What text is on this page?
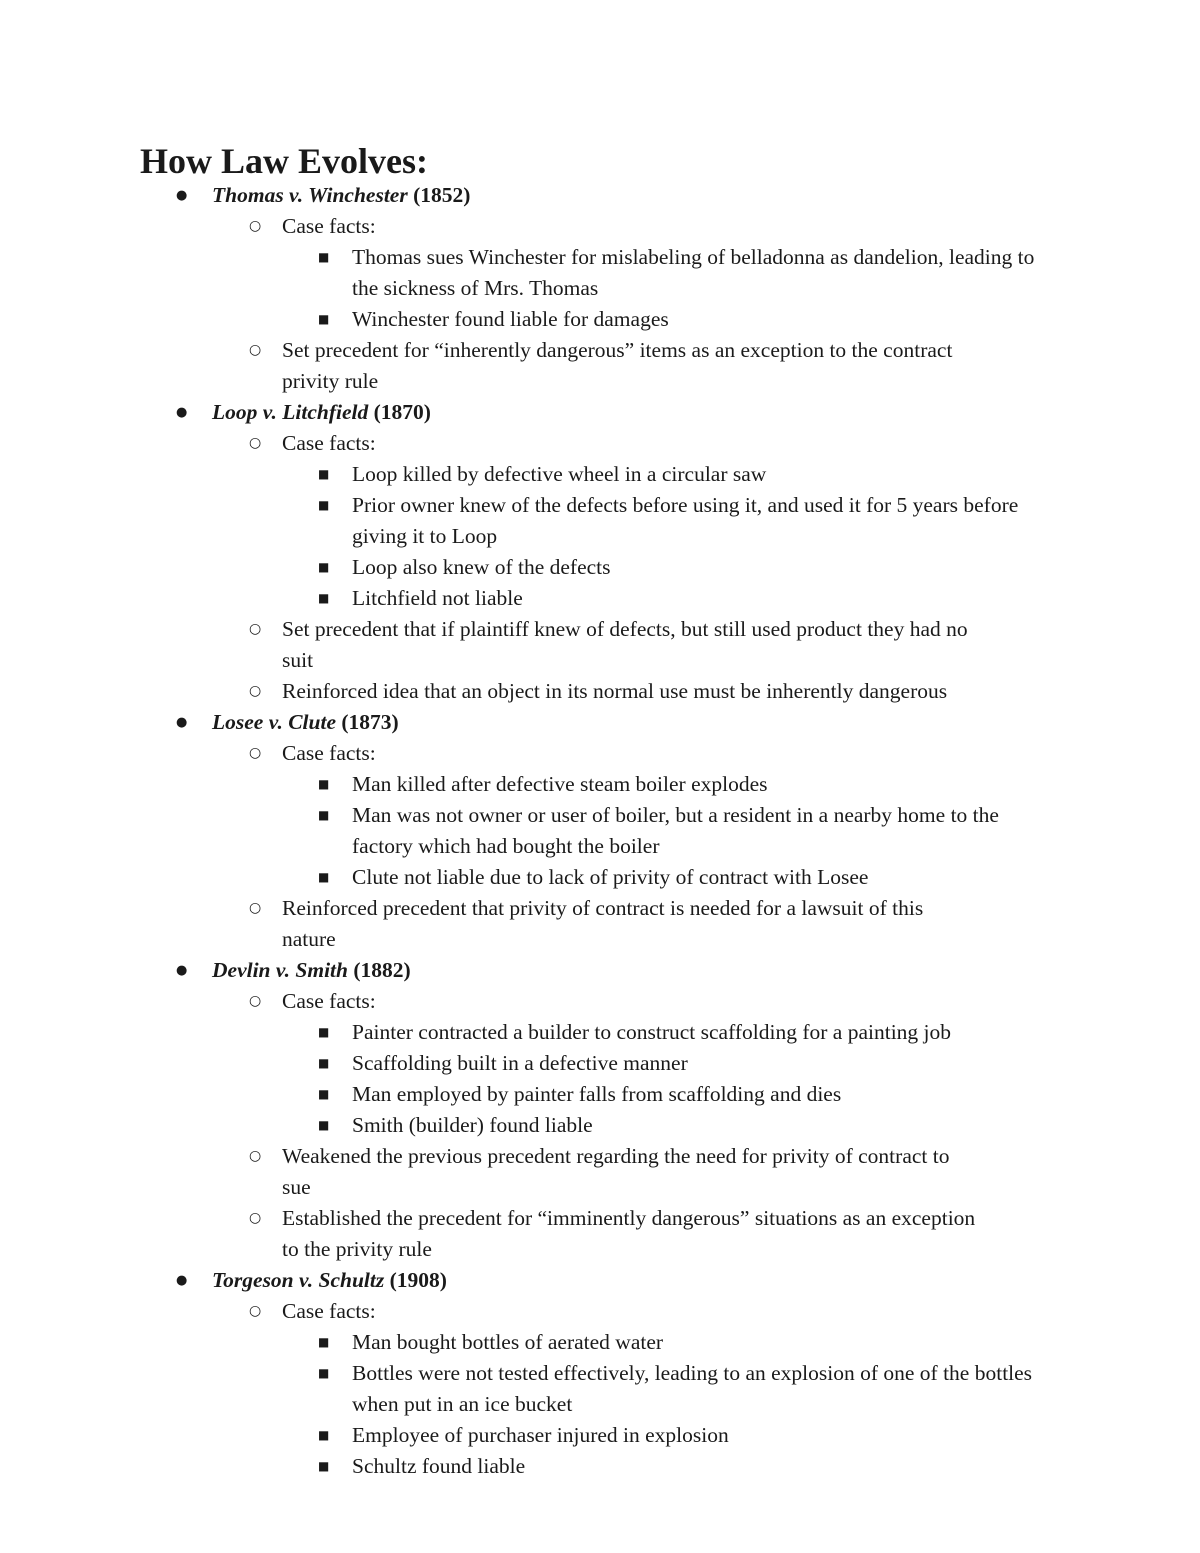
How Law Evolves:
● Thomas v. Winchester (1852)
○ Case facts:
■ Thomas sues Winchester for mislabeling of belladonna as dandelion, leading to the sickness of Mrs. Thomas
■ Winchester found liable for damages
○ Set precedent for “inherently dangerous” items as an exception to the contract privity rule
● Loop v. Litchfield (1870)
○ Case facts:
■ Loop killed by defective wheel in a circular saw
■ Prior owner knew of the defects before using it, and used it for 5 years before giving it to Loop
■ Loop also knew of the defects
■ Litchfield not liable
○ Set precedent that if plaintiff knew of defects, but still used product they had no suit
○ Reinforced idea that an object in its normal use must be inherently dangerous
● Losee v. Clute (1873)
○ Case facts:
■ Man killed after defective steam boiler explodes
■ Man was not owner or user of boiler, but a resident in a nearby home to the factory which had bought the boiler
■ Clute not liable due to lack of privity of contract with Losee
○ Reinforced precedent that privity of contract is needed for a lawsuit of this nature
● Devlin v. Smith (1882)
○ Case facts:
■ Painter contracted a builder to construct scaffolding for a painting job
■ Scaffolding built in a defective manner
■ Man employed by painter falls from scaffolding and dies
■ Smith (builder) found liable
○ Weakened the previous precedent regarding the need for privity of contract to sue
○ Established the precedent for “imminently dangerous” situations as an exception to the privity rule
● Torgeson v. Schultz (1908)
○ Case facts:
■ Man bought bottles of aerated water
■ Bottles were not tested effectively, leading to an explosion of one of the bottles when put in an ice bucket
■ Employee of purchaser injured in explosion
■ Schultz found liable
